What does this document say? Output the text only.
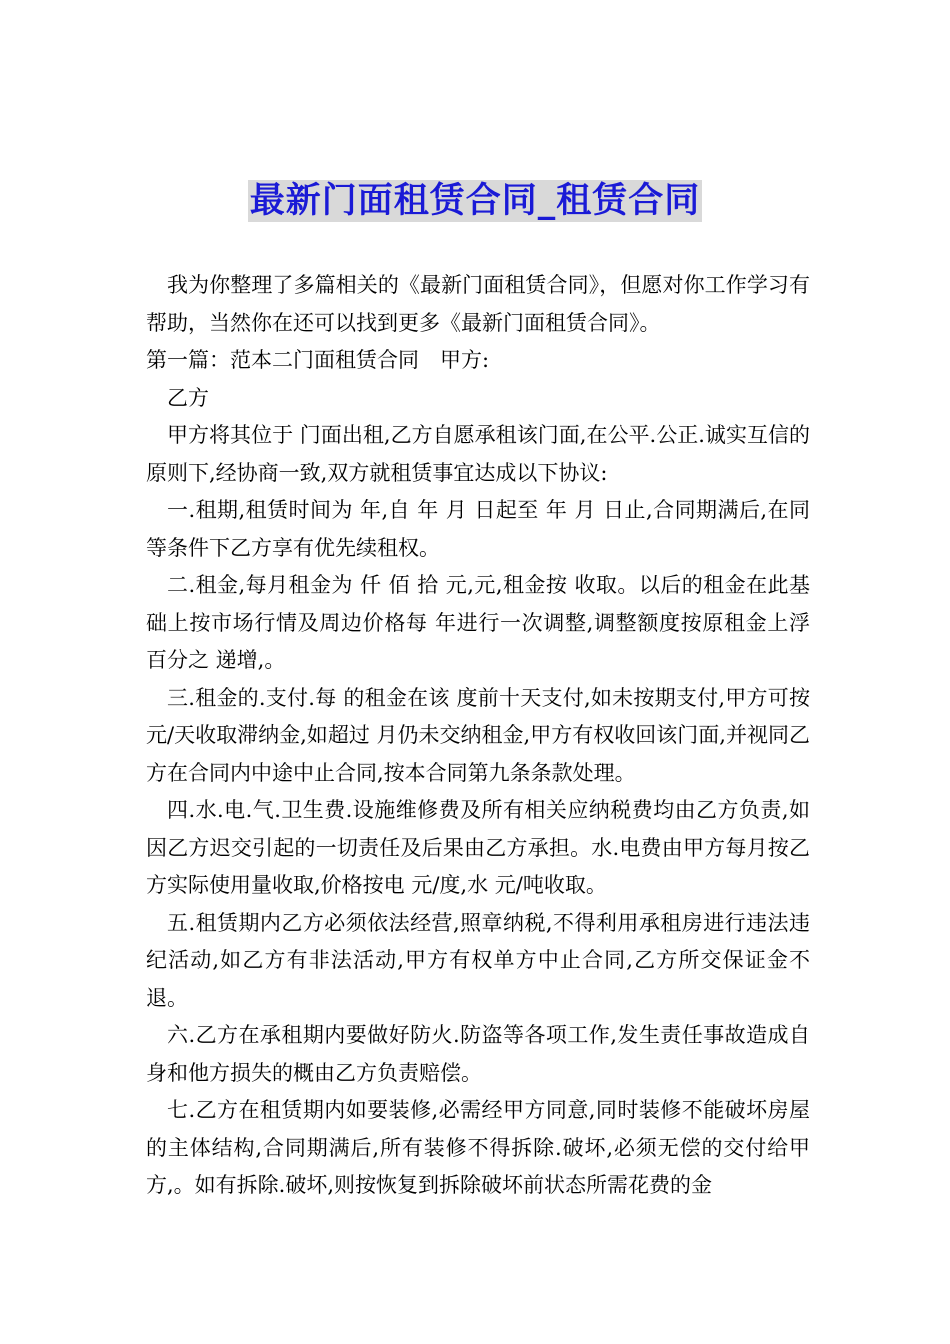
最新门面租赁合同_租赁合同

我为你整理了多篇相关的《最新门面租赁合同》，但愿对你工作学习有帮助，当然你在还可以找到更多《最新门面租赁合同》。

第一篇：范本二门面租赁合同　甲方:

乙方

甲方将其位于 门面出租,乙方自愿承租该门面,在公平.公正.诚实互信的原则下,经协商一致,双方就租赁事宜达成以下协议:

一.租期,租赁时间为 年,自 年 月 日起至 年 月 日止,合同期满后,在同等条件下乙方享有优先续租权。

二.租金,每月租金为 仟 佰 拾 元,元,租金按 收取。以后的租金在此基础上按市场行情及周边价格每 年进行一次调整,调整额度按原租金上浮百分之 递增,。

三.租金的.支付.每 的租金在该 度前十天支付,如未按期支付,甲方可按 元/天收取滞纳金,如超过 月仍未交纳租金,甲方有权收回该门面,并视同乙方在合同内中途中止合同,按本合同第九条条款处理。

四.水.电.气.卫生费.设施维修费及所有相关应纳税费均由乙方负责,如因乙方迟交引起的一切责任及后果由乙方承担。水.电费由甲方每月按乙方实际使用量收取,价格按电 元/度,水 元/吨收取。

五.租赁期内乙方必须依法经营,照章纳税,不得利用承租房进行违法违纪活动,如乙方有非法活动,甲方有权单方中止合同,乙方所交保证金不退。

六.乙方在承租期内要做好防火.防盗等各项工作,发生责任事故造成自身和他方损失的概由乙方负责赔偿。

七.乙方在租赁期内如要装修,必需经甲方同意,同时装修不能破坏房屋的主体结构,合同期满后,所有装修不得拆除.破坏,必须无偿的交付给甲方,。如有拆除.破坏,则按恢复到拆除破坏前状态所需花费的金
